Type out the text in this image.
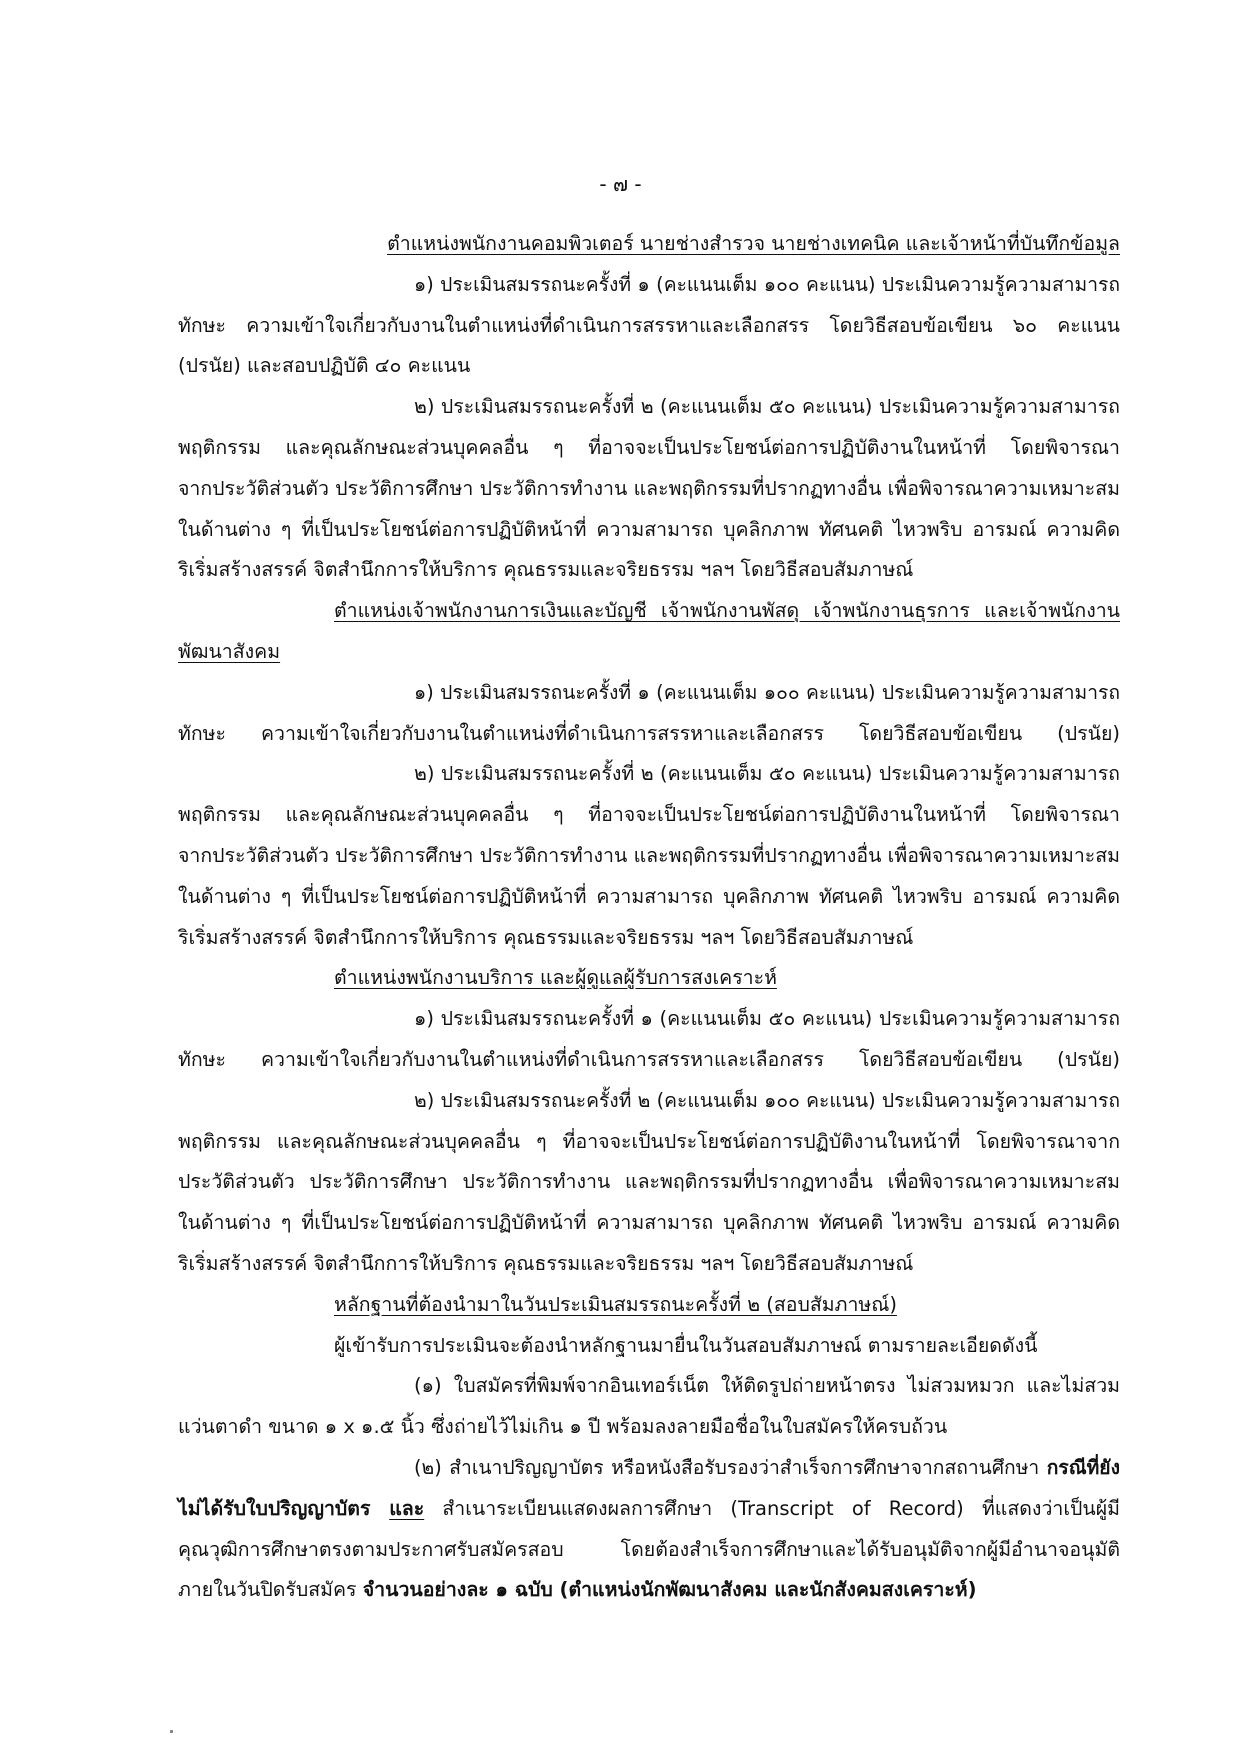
- ๗ -
ตำแหน่งพนักงานคอมพิวเตอร์ นายช่างสำรวจ นายช่างเทคนิค และเจ้าหน้าที่บันทึกข้อมูล
๑) ประเมินสมรรถนะครั้งที่ ๑ (คะแนนเต็ม ๑๐๐ คะแนน) ประเมินความรู้ความสามารถ
ทักษะ ความเข้าใจเกี่ยวกับงานในตำแหน่งที่ดำเนินการสรรหาและเลือกสรร โดยวิธีสอบข้อเขียน ๖๐ คะแนน
(ปรนัย) และสอบปฏิบัติ ๔๐ คะแนน
๒) ประเมินสมรรถนะครั้งที่ ๒ (คะแนนเต็ม ๕๐ คะแนน) ประเมินความรู้ความสามารถ
พฤติกรรม และคุณลักษณะส่วนบุคคลอื่น ๆ ที่อาจจะเป็นประโยชน์ต่อการปฏิบัติงานในหน้าที่ โดยพิจารณา
จากประวัติส่วนตัว ประวัติการศึกษา ประวัติการทำงาน และพฤติกรรมที่ปรากฏทางอื่น เพื่อพิจารณาความเหมาะสม
ในด้านต่าง ๆ ที่เป็นประโยชน์ต่อการปฏิบัติหน้าที่ ความสามารถ บุคลิกภาพ ทัศนคติ ไหวพริบ อารมณ์ ความคิด
ริเริ่มสร้างสรรค์ จิตสำนึกการให้บริการ คุณธรรมและจริยธรรม ฯลฯ โดยวิธีสอบสัมภาษณ์
ตำแหน่งเจ้าพนักงานการเงินและบัญชี เจ้าพนักงานพัสดุ เจ้าพนักงานธุรการ และเจ้าพนักงาน
พัฒนาสังคม
๑) ประเมินสมรรถนะครั้งที่ ๑ (คะแนนเต็ม ๑๐๐ คะแนน) ประเมินความรู้ความสามารถ
ทักษะ ความเข้าใจเกี่ยวกับงานในตำแหน่งที่ดำเนินการสรรหาและเลือกสรร โดยวิธีสอบข้อเขียน (ปรนัย)
๒) ประเมินสมรรถนะครั้งที่ ๒ (คะแนนเต็ม ๕๐ คะแนน) ประเมินความรู้ความสามารถ
พฤติกรรม และคุณลักษณะส่วนบุคคลอื่น ๆ ที่อาจจะเป็นประโยชน์ต่อการปฏิบัติงานในหน้าที่ โดยพิจารณา
จากประวัติส่วนตัว ประวัติการศึกษา ประวัติการทำงาน และพฤติกรรมที่ปรากฏทางอื่น เพื่อพิจารณาความเหมาะสม
ในด้านต่าง ๆ ที่เป็นประโยชน์ต่อการปฏิบัติหน้าที่ ความสามารถ บุคลิกภาพ ทัศนคติ ไหวพริบ อารมณ์ ความคิด
ริเริ่มสร้างสรรค์ จิตสำนึกการให้บริการ คุณธรรมและจริยธรรม ฯลฯ โดยวิธีสอบสัมภาษณ์
ตำแหน่งพนักงานบริการ และผู้ดูแลผู้รับการสงเคราะห์
๑) ประเมินสมรรถนะครั้งที่ ๑ (คะแนนเต็ม ๕๐ คะแนน) ประเมินความรู้ความสามารถ
ทักษะ ความเข้าใจเกี่ยวกับงานในตำแหน่งที่ดำเนินการสรรหาและเลือกสรร โดยวิธีสอบข้อเขียน (ปรนัย)
๒) ประเมินสมรรถนะครั้งที่ ๒ (คะแนนเต็ม ๑๐๐ คะแนน) ประเมินความรู้ความสามารถ
พฤติกรรม และคุณลักษณะส่วนบุคคลอื่น ๆ ที่อาจจะเป็นประโยชน์ต่อการปฏิบัติงานในหน้าที่ โดยพิจารณาจาก
ประวัติส่วนตัว ประวัติการศึกษา ประวัติการทำงาน และพฤติกรรมที่ปรากฏทางอื่น เพื่อพิจารณาความเหมาะสม
ในด้านต่าง ๆ ที่เป็นประโยชน์ต่อการปฏิบัติหน้าที่ ความสามารถ บุคลิกภาพ ทัศนคติ ไหวพริบ อารมณ์ ความคิด
ริเริ่มสร้างสรรค์ จิตสำนึกการให้บริการ คุณธรรมและจริยธรรม ฯลฯ โดยวิธีสอบสัมภาษณ์
หลักฐานที่ต้องนำมาในวันประเมินสมรรถนะครั้งที่ ๒ (สอบสัมภาษณ์)
ผู้เข้ารับการประเมินจะต้องนำหลักฐานมายื่นในวันสอบสัมภาษณ์ ตามรายละเอียดดังนี้
(๑) ใบสมัครที่พิมพ์จากอินเทอร์เน็ต ให้ติดรูปถ่ายหน้าตรง ไม่สวมหมวก และไม่สวม
แว่นตาดำ ขนาด ๑ x ๑.๕ นิ้ว ซึ่งถ่ายไว้ไม่เกิน ๑ ปี พร้อมลงลายมือชื่อในใบสมัครให้ครบถ้วน
(๒) สำเนาปริญญาบัตร หรือหนังสือรับรองว่าสำเร็จการศึกษาจากสถานศึกษา กรณีที่ยัง
ไม่ได้รับใบปริญญาบัตร และ สำเนาระเบียนแสดงผลการศึกษา (Transcript of Record) ที่แสดงว่าเป็นผู้มี
คุณวุฒิการศึกษาตรงตามประกาศรับสมัครสอบ โดยต้องสำเร็จการศึกษาและได้รับอนุมัติจากผู้มีอำนาจอนุมัติ
ภายในวันปิดรับสมัคร จำนวนอย่างละ ๑ ฉบับ (ตำแหน่งนักพัฒนาสังคม และนักสังคมสงเคราะห์)
